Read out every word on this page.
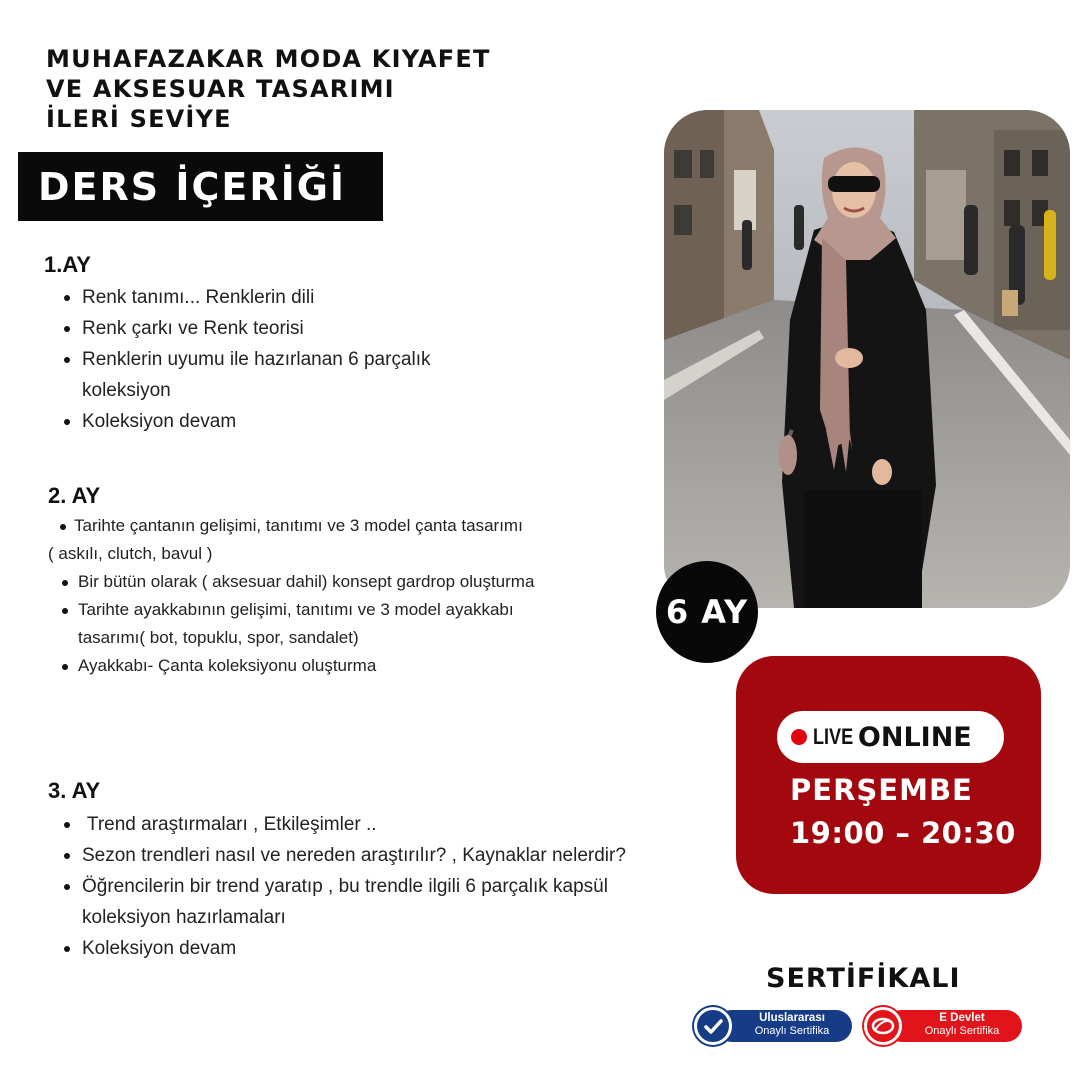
MUHAFAZAKAR MODA KIYAFET
VE AKSESUAR TASARIMI
İLERİ SEVİYE
DERS İÇERİĞİ
1.AY
Renk tanımı... Renklerin dili
Renk çarkı ve Renk teorisi
Renklerin uyumu ile hazırlanan 6 parçalık
koleksiyon
Koleksiyon devam
2. AY
Tarihte çantanın gelişimi, tanıtımı ve 3 model çanta tasarımı
( askılı, clutch, bavul )
Bir bütün olarak ( aksesuar dahil) konsept gardrop oluşturma
Tarihte ayakkabının gelişimi, tanıtımı ve 3 model ayakkabı
tasarımı( bot, topuklu, spor, sandalet)
Ayakkabı- Çanta koleksiyonu oluşturma
3. AY
Trend araştırmaları , Etkileşimler ..
Sezon trendleri nasıl ve nereden araştırılır? , Kaynaklar nelerdir?
Öğrencilerin bir trend yaratıp , bu trendle ilgili 6 parçalık kapsül
koleksiyon hazırlamaları
Koleksiyon devam
6 AY
LIVE ONLINE
PERŞEMBE
19:00 – 20:30
SERTİFİKALI
Uluslararası
Onaylı Sertifika
E Devlet
Onaylı Sertifika
